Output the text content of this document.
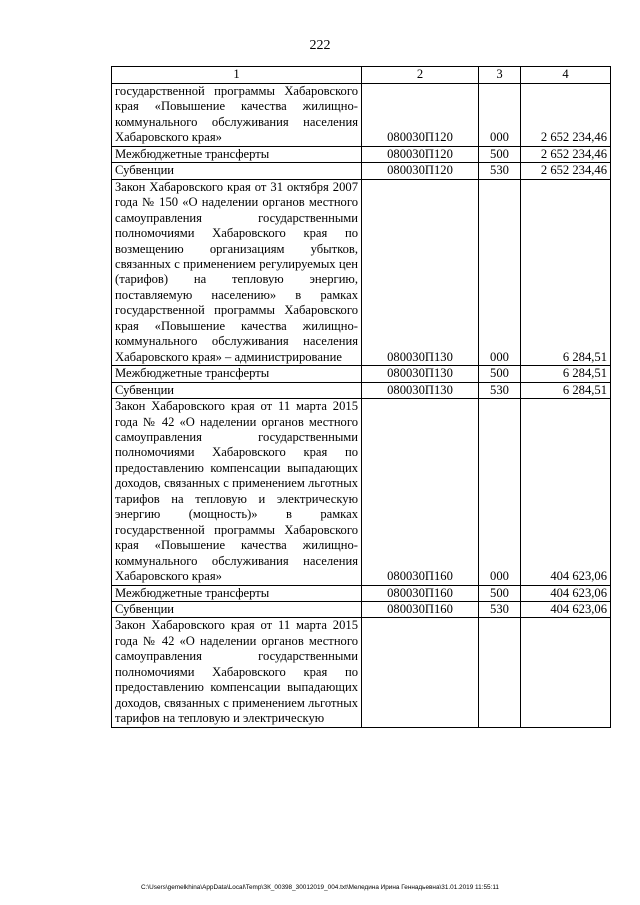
222
1	2	3	4
государственной программы Хабаровского края «Повышение качества жилищно-коммунального обслуживания населения Хабаровского края»	080030П120	000	2 652 234,46
Межбюджетные трансферты	080030П120	500	2 652 234,46
Субвенции	080030П120	530	2 652 234,46
Закон Хабаровского края от 31 октября 2007 года № 150 «О наделении органов местного самоуправления государственными полномочиями Хабаровского края по возмещению организациям убытков, связанных с применением регулируемых цен (тарифов) на тепловую энергию, поставляемую населению» в рамках государственной программы Хабаровского края «Повышение качества жилищно-коммунального обслуживания населения Хабаровского края» – администрирование	080030П130	000	6 284,51
Межбюджетные трансферты	080030П130	500	6 284,51
Субвенции	080030П130	530	6 284,51
Закон Хабаровского края от 11 марта 2015 года № 42 «О наделении органов местного самоуправления государственными полномочиями Хабаровского края по предоставлению компенсации выпадающих доходов, связанных с применением льготных тарифов на тепловую и электрическую энергию (мощность)» в рамках государственной программы Хабаровского края «Повышение качества жилищно-коммунального обслуживания населения Хабаровского края»	080030П160	000	404 623,06
Межбюджетные трансферты	080030П160	500	404 623,06
Субвенции	080030П160	530	404 623,06
Закон Хабаровского края от 11 марта 2015 года № 42 «О наделении органов местного самоуправления государственными полномочиями Хабаровского края по предоставлению компенсации выпадающих доходов, связанных с применением льготных тарифов на тепловую и электрическую			
C:\Users\gemelkhina\AppData\Local\Temp\ЗК_00398_30012019_004.txt\Меледина Ирина Геннадьевна\31.01.2019 11:55:11
